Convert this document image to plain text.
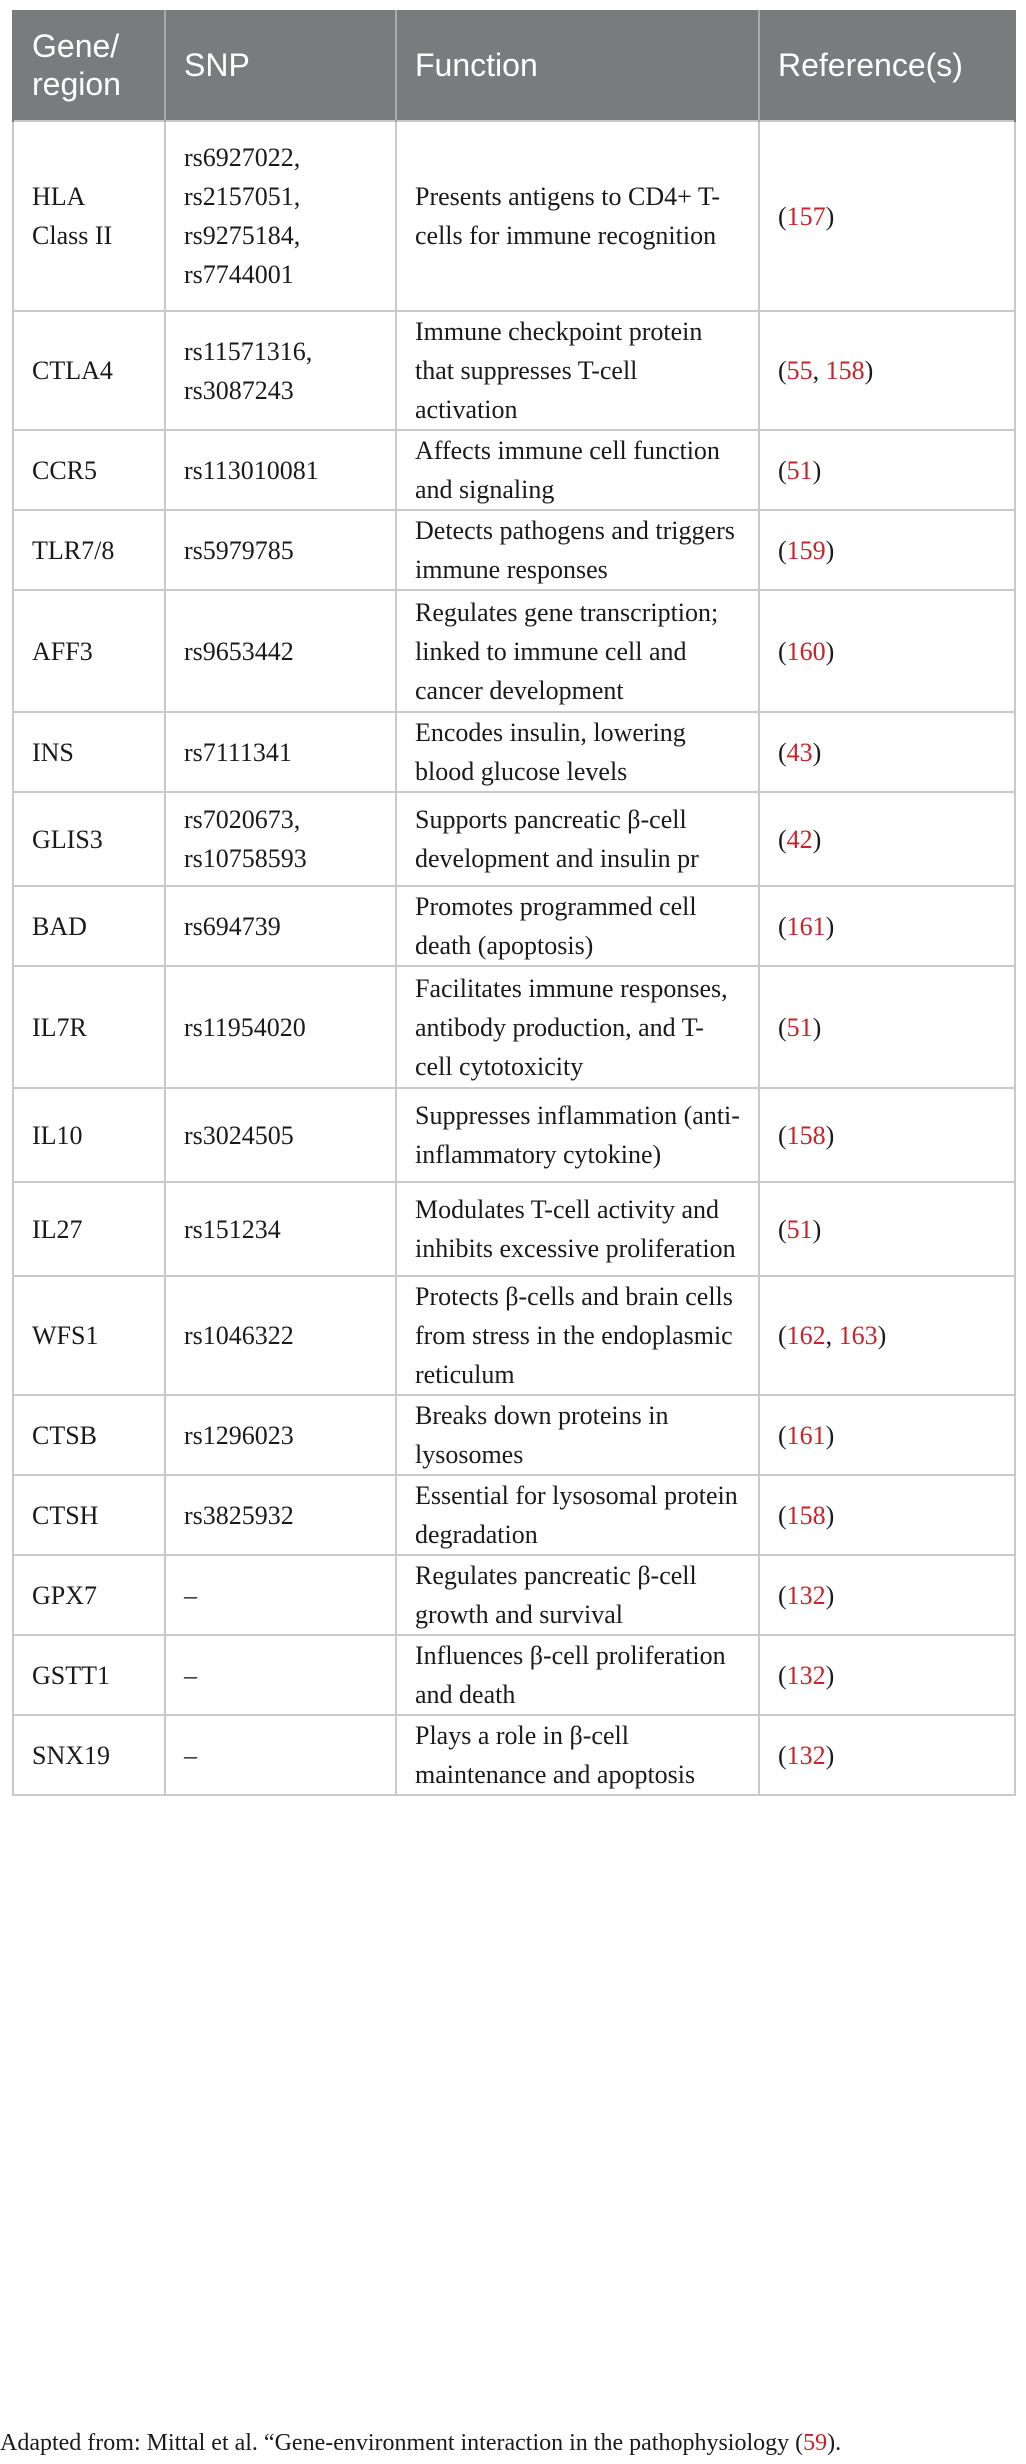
Gene/ region	SNP	Function	Reference(s)
HLA Class II	rs6927022, rs2157051, rs9275184, rs7744001	Presents antigens to CD4+ T-cells for immune recognition	(157)
CTLA4	rs11571316, rs3087243	Immune checkpoint protein that suppresses T-cell activation	(55, 158)
CCR5	rs113010081	Affects immune cell function and signaling	(51)
TLR7/8	rs5979785	Detects pathogens and triggers immune responses	(159)
AFF3	rs9653442	Regulates gene transcription; linked to immune cell and cancer development	(160)
INS	rs7111341	Encodes insulin, lowering blood glucose levels	(43)
GLIS3	rs7020673, rs10758593	Supports pancreatic β-cell development and insulin pr	(42)
BAD	rs694739	Promotes programmed cell death (apoptosis)	(161)
IL7R	rs11954020	Facilitates immune responses, antibody production, and T-cell cytotoxicity	(51)
IL10	rs3024505	Suppresses inflammation (anti-inflammatory cytokine)	(158)
IL27	rs151234	Modulates T-cell activity and inhibits excessive proliferation	(51)
WFS1	rs1046322	Protects β-cells and brain cells from stress in the endoplasmic reticulum	(162, 163)
CTSB	rs1296023	Breaks down proteins in lysosomes	(161)
CTSH	rs3825932	Essential for lysosomal protein degradation	(158)
GPX7	–	Regulates pancreatic β-cell growth and survival	(132)
GSTT1	–	Influences β-cell proliferation and death	(132)
SNX19	–	Plays a role in β-cell maintenance and apoptosis	(132)
Adapted from: Mittal et al. “Gene-environment interaction in the pathophysiology (59).
